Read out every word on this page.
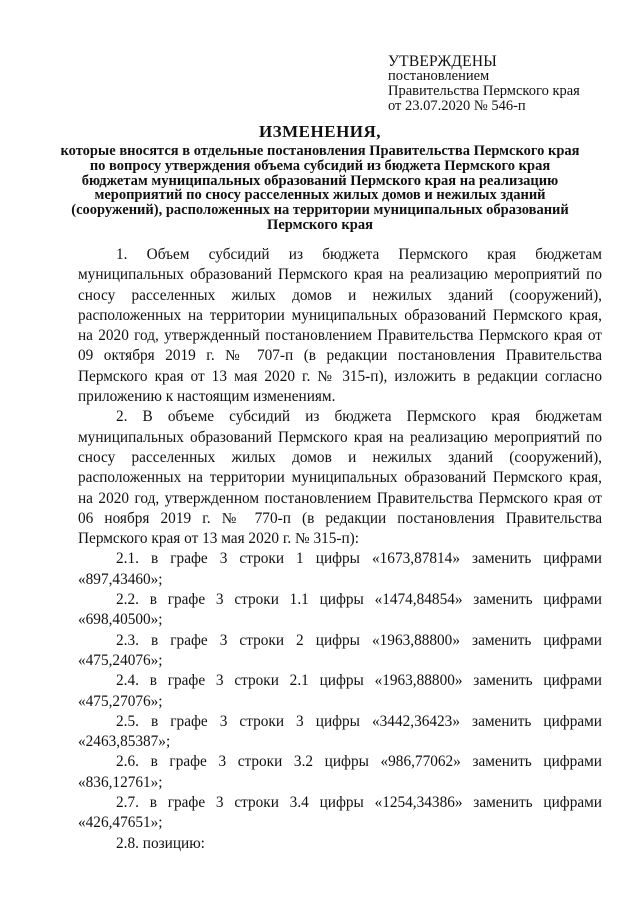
УТВЕРЖДЕНЫ
постановлением
Правительства Пермского края
от 23.07.2020 № 546-п
ИЗМЕНЕНИЯ,
которые вносятся в отдельные постановления Правительства Пермского края по вопросу утверждения объема субсидий из бюджета Пермского края бюджетам муниципальных образований Пермского края на реализацию мероприятий по сносу расселенных жилых домов и нежилых зданий (сооружений), расположенных на территории муниципальных образований Пермского края

1. Объем субсидий из бюджета Пермского края бюджетам муниципальных образований Пермского края на реализацию мероприятий по сносу расселенных жилых домов и нежилых зданий (сооружений), расположенных на территории муниципальных образований Пермского края, на 2020 год, утвержденный постановлением Правительства Пермского края от 09 октября 2019 г. № 707-п (в редакции постановления Правительства Пермского края от 13 мая 2020 г. № 315-п), изложить в редакции согласно приложению к настоящим изменениям.

2. В объеме субсидий из бюджета Пермского края бюджетам муниципальных образований Пермского края на реализацию мероприятий по сносу расселенных жилых домов и нежилых зданий (сооружений), расположенных на территории муниципальных образований Пермского края, на 2020 год, утвержденном постановлением Правительства Пермского края от 06 ноября 2019 г. № 770-п (в редакции постановления Правительства Пермского края от 13 мая 2020 г. № 315-п):

2.1. в графе 3 строки 1 цифры «1673,87814» заменить цифрами «897,43460»;

2.2. в графе 3 строки 1.1 цифры «1474,84854» заменить цифрами «698,40500»;

2.3. в графе 3 строки 2 цифры «1963,88800» заменить цифрами «475,24076»;

2.4. в графе 3 строки 2.1 цифры «1963,88800» заменить цифрами «475,27076»;

2.5. в графе 3 строки 3 цифры «3442,36423» заменить цифрами «2463,85387»;

2.6. в графе 3 строки 3.2 цифры «986,77062» заменить цифрами «836,12761»;

2.7. в графе 3 строки 3.4 цифры «1254,34386» заменить цифрами «426,47651»;

2.8. позицию:
